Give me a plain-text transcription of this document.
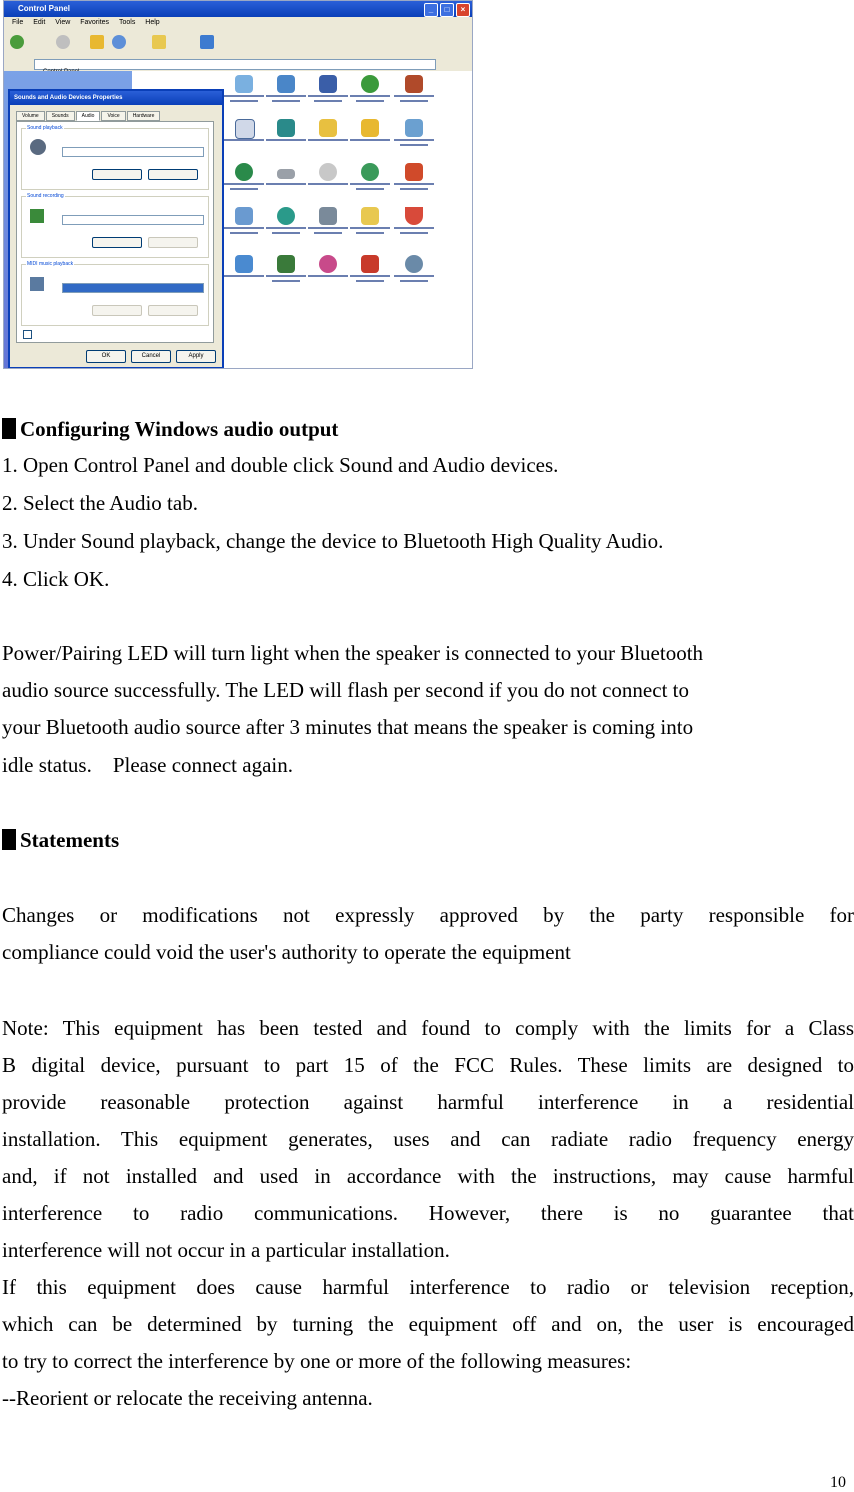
Control Panel	_	□	×
File Edit View Favorites Tools Help
Sounds and Audio Devices Properties
Volume	Sounds	Audio	Voice	Hardware
Sound playback
Sound recording
MIDI music playback
OK	Cancel	Apply
Configuring Windows audio output
1. Open Control Panel and double click Sound and Audio devices.
2. Select the Audio tab.
3. Under Sound playback, change the device to Bluetooth High Quality Audio.
4. Click OK.
Power/Pairing LED will turn light when the speaker is connected to your Bluetooth
audio source successfully. The LED will flash per second if you do not connect to
your Bluetooth audio source after 3 minutes that means the speaker is coming into
idle status.    Please connect again.
Statements
Changes or modifications not expressly approved by the party responsible for
compliance could void the user's authority to operate the equipment
Note: This equipment has been tested and found to comply with the limits for a Class
B digital device, pursuant to part 15 of the FCC Rules. These limits are designed to
provide reasonable protection against harmful interference in a residential
installation. This equipment generates, uses and can radiate radio frequency energy
and, if not installed and used in accordance with the instructions, may cause harmful
interference to radio communications. However, there is no guarantee that
interference will not occur in a particular installation.
If this equipment does cause harmful interference to radio or television reception,
which can be determined by turning the equipment off and on, the user is encouraged
to try to correct the interference by one or more of the following measures:
--Reorient or relocate the receiving antenna.
10
